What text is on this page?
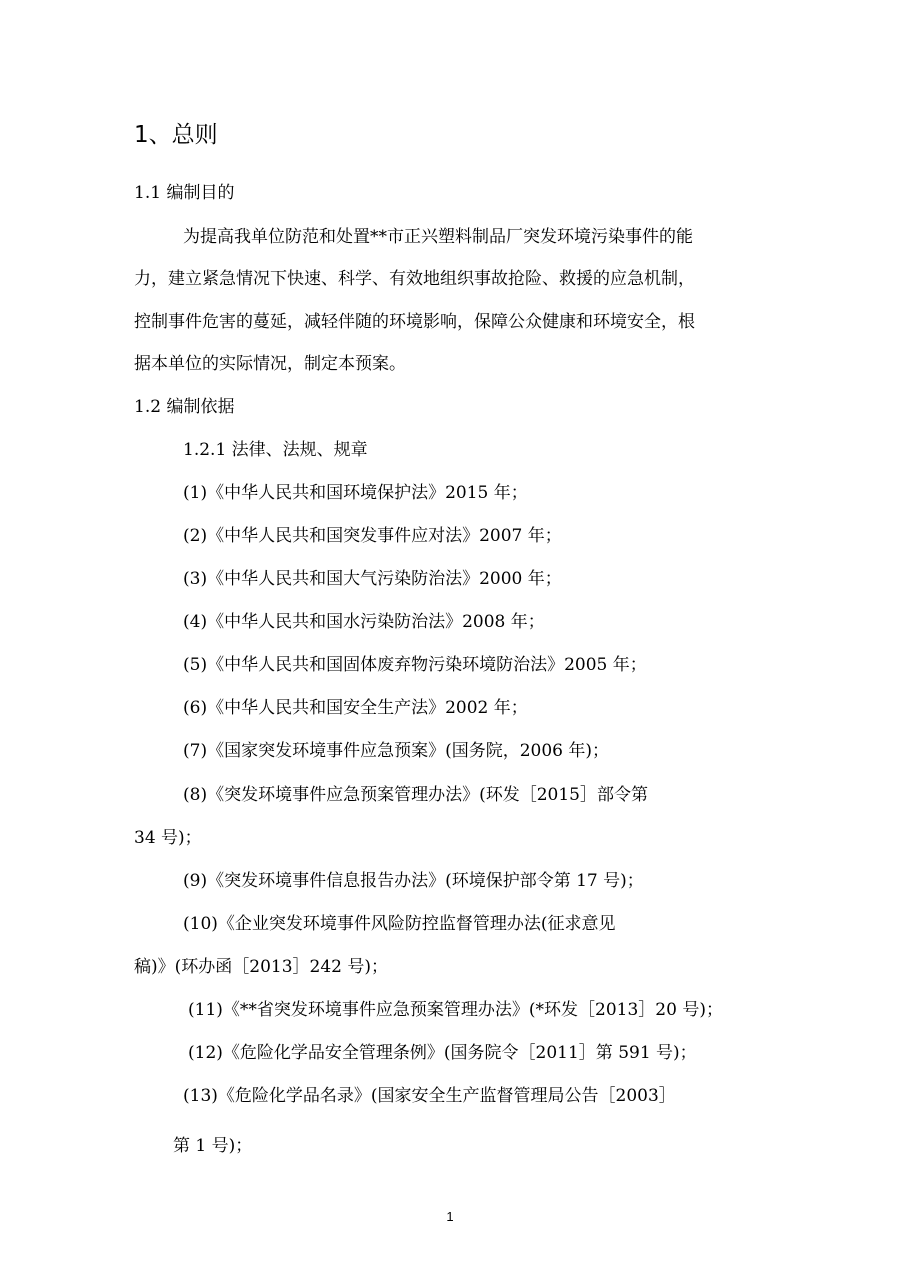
1、总则
1.1 编制目的
为提高我单位防范和处置**市正兴塑料制品厂突发环境污染事件的能
力，建立紧急情况下快速、科学、有效地组织事故抢险、救援的应急机制，
控制事件危害的蔓延，减轻伴随的环境影响，保障公众健康和环境安全，根
据本单位的实际情况，制定本预案。
1.2 编制依据
1.2.1 法律、法规、规章
(1)《中华人民共和国环境保护法》2015 年；
(2)《中华人民共和国突发事件应对法》2007 年；
(3)《中华人民共和国大气污染防治法》2000 年；
(4)《中华人民共和国水污染防治法》2008 年；
(5)《中华人民共和国固体废弃物污染环境防治法》2005 年；
(6)《中华人民共和国安全生产法》2002 年；
(7)《国家突发环境事件应急预案》(国务院，2006 年)；
(8)《突发环境事件应急预案管理办法》(环发［2015］部令第
34 号)；
(9)《突发环境事件信息报告办法》(环境保护部令第 17 号)；
(10)《企业突发环境事件风险防控监督管理办法(征求意见
稿)》(环办函［2013］242 号)；
(11)《**省突发环境事件应急预案管理办法》(*环发［2013］20 号)；
(12)《危险化学品安全管理条例》(国务院令［2011］第 591 号)；
(13)《危险化学品名录》(国家安全生产监督管理局公告［2003］
第 1 号)；
1
